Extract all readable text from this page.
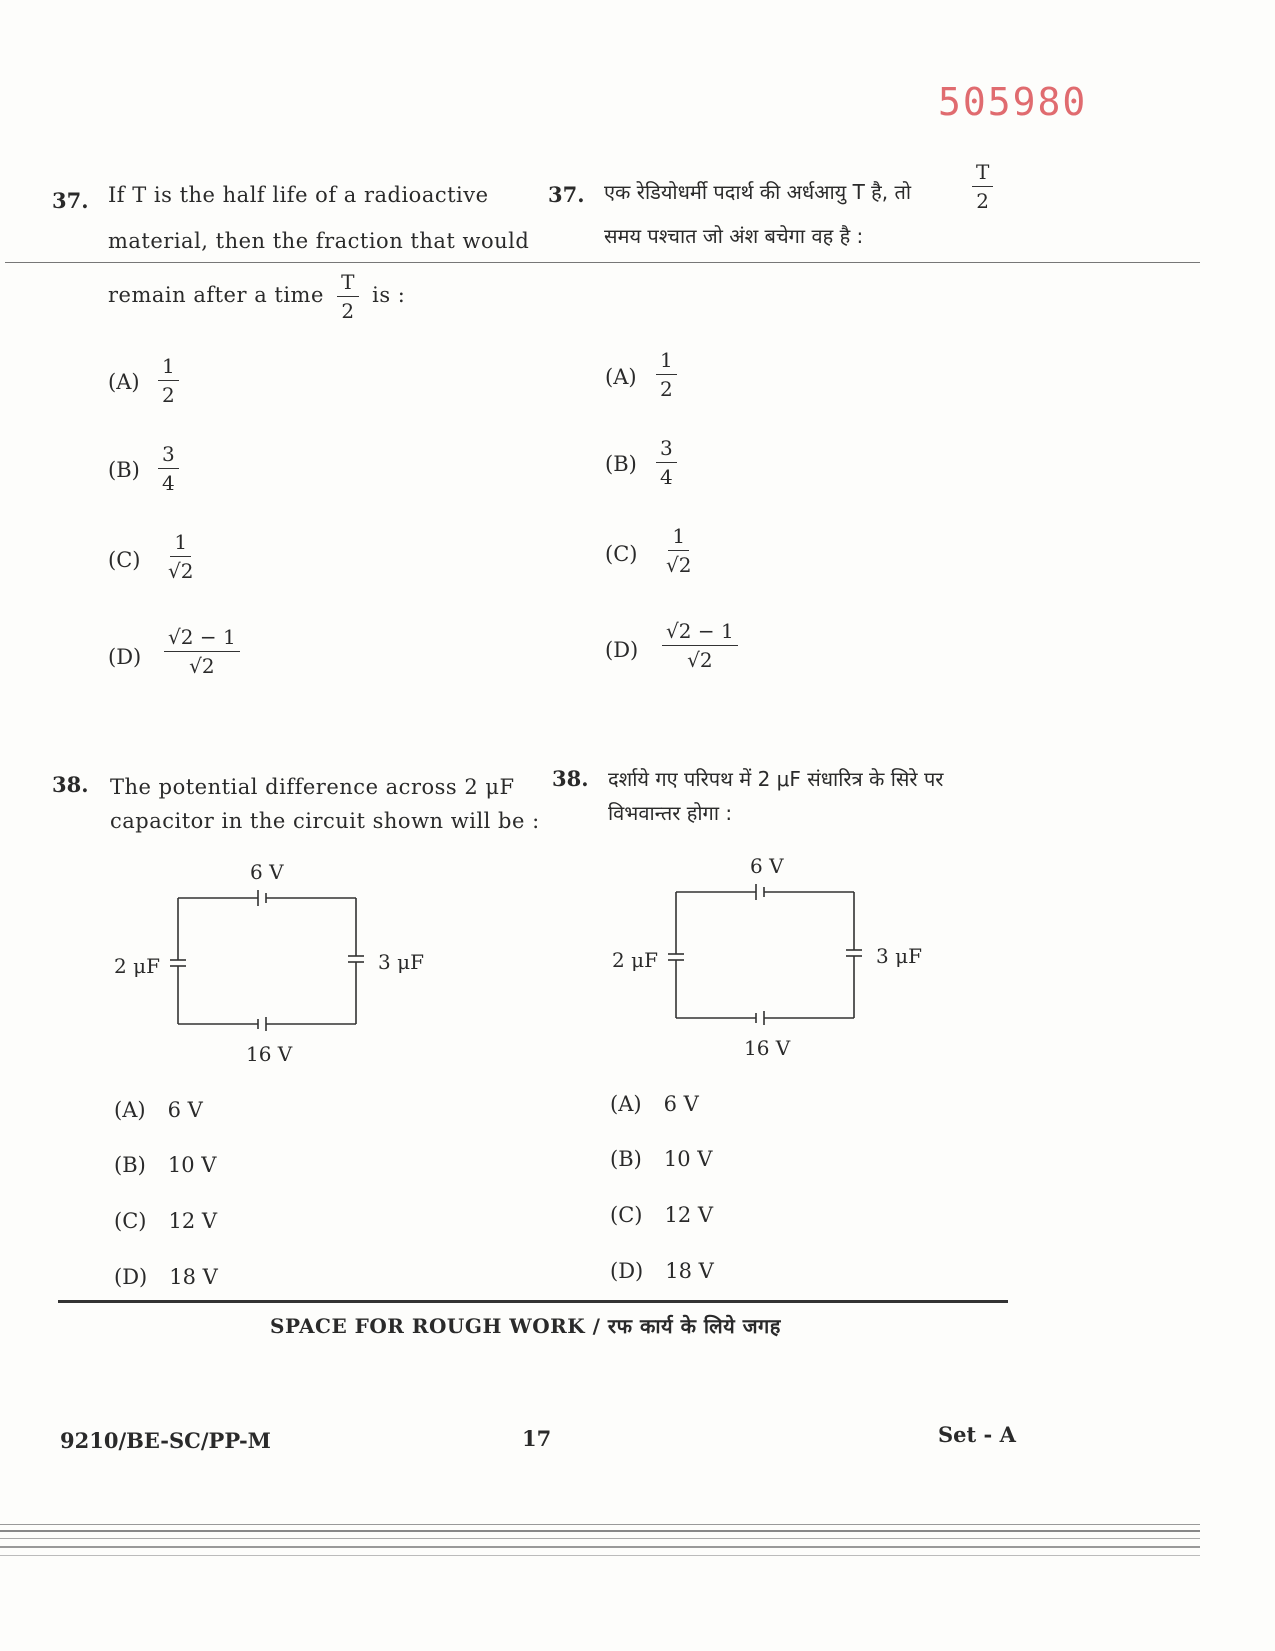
505980
37. If T is the half life of a radioactive
material, then the fraction that would
remain after a time $\frac{T}{2}$ is :
37. एक रेडियोधर्मी पदार्थ की अर्धआयु T है, तो	$\frac{T}{2}$
समय पश्चात जो अंश बचेगा वह है :
$(A) \frac{1}{2}$
$(B) \frac{3}{4}$
$(C) \frac{1}{√2}$
$(D) \frac{√2 - 1}{√2}$
$(A) \frac{1}{2}$
$(B) \frac{3}{4}$
$(C) \frac{1}{√2}$
$(D) \frac{√2 - 1}{√2}$
38. The potential difference across 2 μF
capacitor in the circuit shown will be :
38. दर्शाये गए परिपथ में 2 μF संधारित्र के सिरे पर
विभवान्तर होगा :
6 V
16 V
2 μF	3 μF
6 V
16 V
2 μF	3 μF
(A) 6 V
(B) 10 V
(C) 12 V
(D) 18 V
(A) 6 V
(B) 10 V
(C) 12 V
(D) 18 V
SPACE FOR ROUGH WORK / रफ कार्य के लिये जगह
9210/BE-SC/PP-M	17	Set - A
